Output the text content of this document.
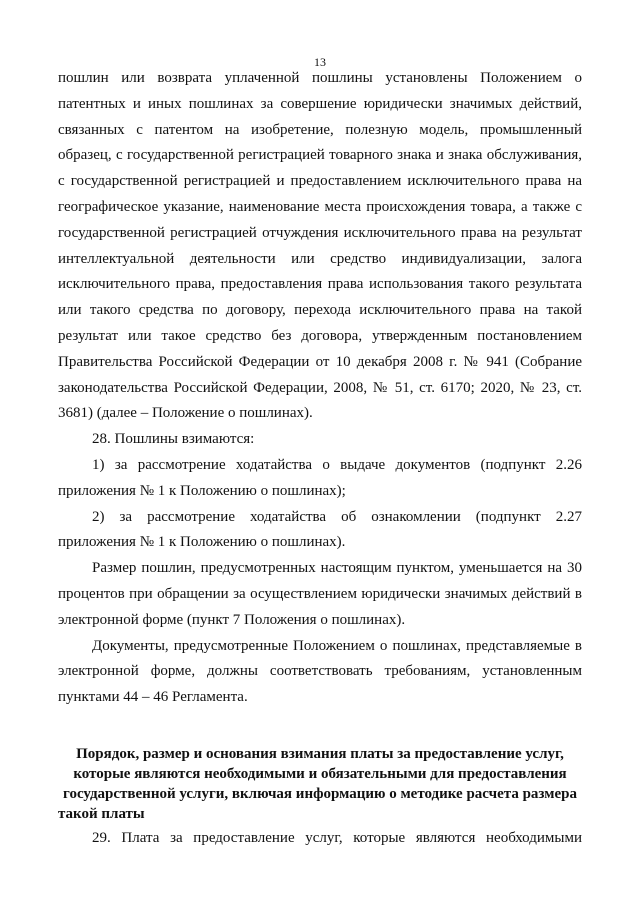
13

пошлин или возврата уплаченной пошлины установлены Положением о патентных и иных пошлинах за совершение юридически значимых действий, связанных с патентом на изобретение, полезную модель, промышленный образец, с государственной регистрацией товарного знака и знака обслуживания, с государственной регистрацией и предоставлением исключительного права на географическое указание, наименование места происхождения товара, а также с государственной регистрацией отчуждения исключительного права на результат интеллектуальной деятельности или средство индивидуализации, залога исключительного права, предоставления права использования такого результата или такого средства по договору, перехода исключительного права на такой результат или такое средство без договора, утвержденным постановлением Правительства Российской Федерации от 10 декабря 2008 г. № 941 (Собрание законодательства Российской Федерации, 2008, № 51, ст. 6170; 2020, № 23, ст. 3681) (далее – Положение о пошлинах).

28. Пошлины взимаются:

1) за рассмотрение ходатайства о выдаче документов (подпункт 2.26 приложения № 1 к Положению о пошлинах);

2) за рассмотрение ходатайства об ознакомлении (подпункт 2.27 приложения № 1 к Положению о пошлинах).

Размер пошлин, предусмотренных настоящим пунктом, уменьшается на 30 процентов при обращении за осуществлением юридически значимых действий в электронной форме (пункт 7 Положения о пошлинах).

Документы, предусмотренные Положением о пошлинах, представляемые в электронной форме, должны соответствовать требованиям, установленным пунктами 44 – 46 Регламента.

Порядок, размер и основания взимания платы за предоставление услуг, которые являются необходимыми и обязательными для предоставления государственной услуги, включая информацию о методике расчета размера такой платы

29. Плата за предоставление услуг, которые являются необходимыми
